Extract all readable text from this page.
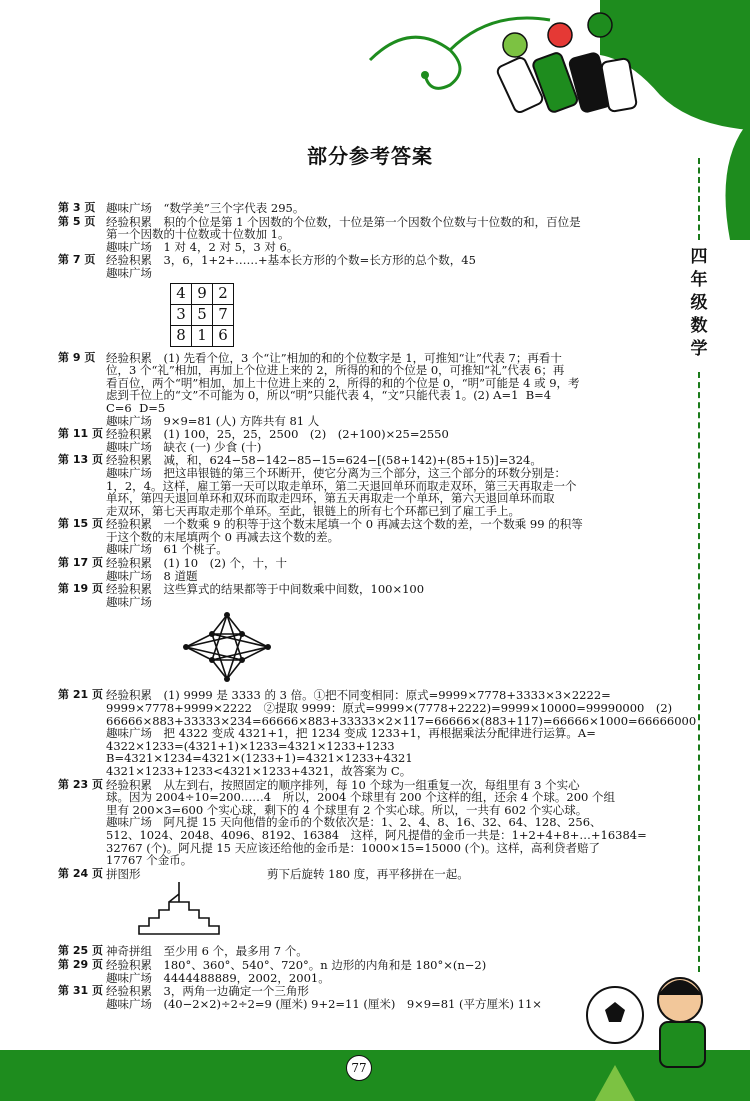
四
年
级
数
学
部分参考答案
第 3 页 趣味广场　“数学美”三个字代表 295。
第 5 页 经验积累　积的个位是第 1 个因数的个位数，十位是第一个因数个位数与十位数的和，百位是
第一个因数的十位数或十位数加 1。
趣味广场　1 对 4，2 对 5，3 对 6。
第 7 页 经验积累　3，6，1+2+……+基本长方形的个数=长方形的总个数，45
趣味广场
4	9	2
3	5	7
8	1	6
第 9 页 经验积累　(1) 先看个位，3 个“让”相加的和的个位数字是 1，可推知“让”代表 7；再看十
位，3 个“礼”相加，再加上个位进上来的 2，所得的和的个位是 0，可推知“礼”代表 6；再
看百位，两个“明”相加，加上十位进上来的 2，所得的和的个位是 0，“明”可能是 4 或 9，考
虑到千位上的“文”不可能为 0，所以“明”只能代表 4，“文”只能代表 1。(2) A=1  B=4
C=6  D=5
趣味广场　9×9=81 (人) 方阵共有 81 人
第 11 页 经验积累　(1) 100，25，25，2500　(2)　(2+100)×25=2550
趣味广场　缺衣 (一) 少食 (十)
第 13 页 经验积累　减，和，624−58−142−85−15=624−[(58+142)+(85+15)]=324。
趣味广场　把这串银链的第三个环断开，使它分离为三个部分，这三个部分的环数分别是：
1，2，4。这样，雇工第一天可以取走单环，第二天退回单环而取走双环，第三天再取走一个
单环，第四天退回单环和双环而取走四环，第五天再取走一个单环，第六天退回单环而取
走双环，第七天再取走那个单环。至此，银链上的所有七个环都已到了雇工手上。
第 15 页 经验积累　一个数乘 9 的积等于这个数末尾填一个 0 再减去这个数的差，一个数乘 99 的积等
于这个数的末尾填两个 0 再减去这个数的差。
趣味广场　61 个桃子。
第 17 页 经验积累　(1) 10　(2) 个，十，十
趣味广场　8 道题
第 19 页 经验积累　这些算式的结果都等于中间数乘中间数，100×100
趣味广场
第 21 页 经验积累　(1) 9999 是 3333 的 3 倍。①把不同变相同：原式=9999×7778+3333×3×2222=
9999×7778+9999×2222　②提取 9999：原式=9999×(7778+2222)=9999×10000=99990000　(2)
66666×883+33333×234=66666×883+33333×2×117=66666×(883+117)=66666×1000=66666000
趣味广场　把 4322 变成 4321+1，把 1234 变成 1233+1，再根据乘法分配律进行运算。A=
4322×1233=(4321+1)×1233=4321×1233+1233　B=4321×1234=4321×(1233+1)=4321×1233+4321
4321×1233+1233<4321×1233+4321，故答案为 C。
第 23 页 经验积累　从左到右，按照固定的顺序排列，每 10 个球为一组重复一次，每组里有 3 个实心
球。因为 2004÷10=200……4　所以，2004 个球里有 200 个这样的组，还余 4 个球。200 个组
里有 200×3=600 个实心球，剩下的 4 个球里有 2 个实心球。所以，一共有 602 个实心球。
趣味广场　阿凡提 15 天向他借的金币的个数依次是：1、2、4、8、16、32、64、128、256、
512、1024、2048、4096、8192、16384　这样，阿凡提借的金币一共是：1+2+4+8+…+16384=
32767 (个)。阿凡提 15 天应该还给他的金币是：1000×15=15000 (个)。这样，高利贷者赔了
17767 个金币。
第 24 页 拼图形　　　　　　　　　　　剪下后旋转 180 度，再平移拼在一起。
第 25 页 神奇拼组　至少用 6 个，最多用 7 个。
第 29 页 经验积累　180°、360°、540°、720°。n 边形的内角和是 180°×(n−2)
趣味广场　4444488889，2002，2001。
第 31 页 经验积累　3，两角一边确定一个三角形
趣味广场　(40−2×2)÷2÷2=9 (厘米) 9+2=11 (厘米)　9×9=81 (平方厘米) 11×
77
